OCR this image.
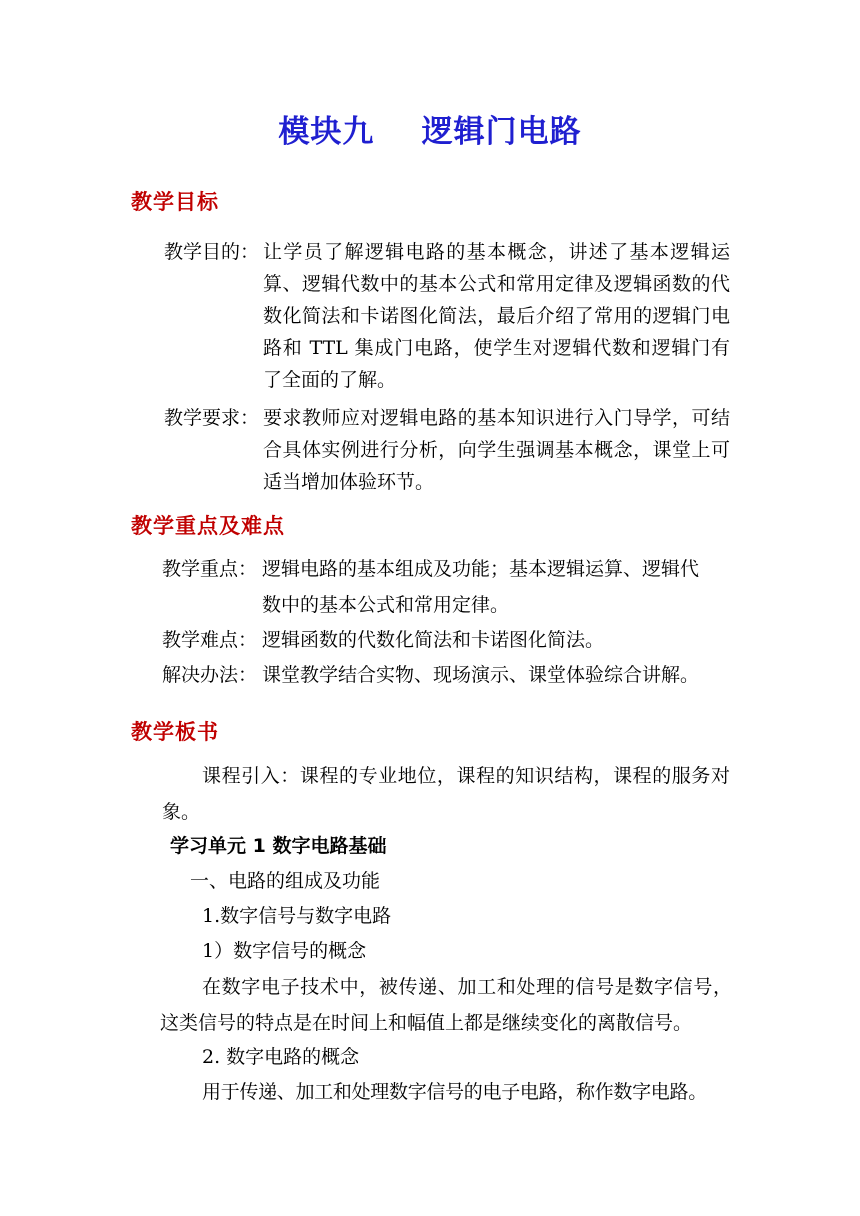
模块九    逻辑门电路
教学目标
教学目的： 让学员了解逻辑电路的基本概念，讲述了基本逻辑运算、逻辑代数中的基本公式和常用定律及逻辑函数的代数化简法和卡诺图化简法，最后介绍了常用的逻辑门电路和 TTL 集成门电路，使学生对逻辑代数和逻辑门有了全面的了解。
教学要求： 要求教师应对逻辑电路的基本知识进行入门导学，可结合具体实例进行分析，向学生强调基本概念，课堂上可适当增加体验环节。
教学重点及难点
教学重点： 逻辑电路的基本组成及功能；基本逻辑运算、逻辑代
数中的基本公式和常用定律。
教学难点： 逻辑函数的代数化简法和卡诺图化简法。
解决办法： 课堂教学结合实物、现场演示、课堂体验综合讲解。
教学板书
课程引入：课程的专业地位，课程的知识结构，课程的服务对象。
学习单元 1 数字电路基础
一、电路的组成及功能
1.数字信号与数字电路
1）数字信号的概念
在数字电子技术中，被传递、加工和处理的信号是数字信号，这类信号的特点是在时间上和幅值上都是继续变化的离散信号。
2. 数字电路的概念
用于传递、加工和处理数字信号的电子电路，称作数字电路。
